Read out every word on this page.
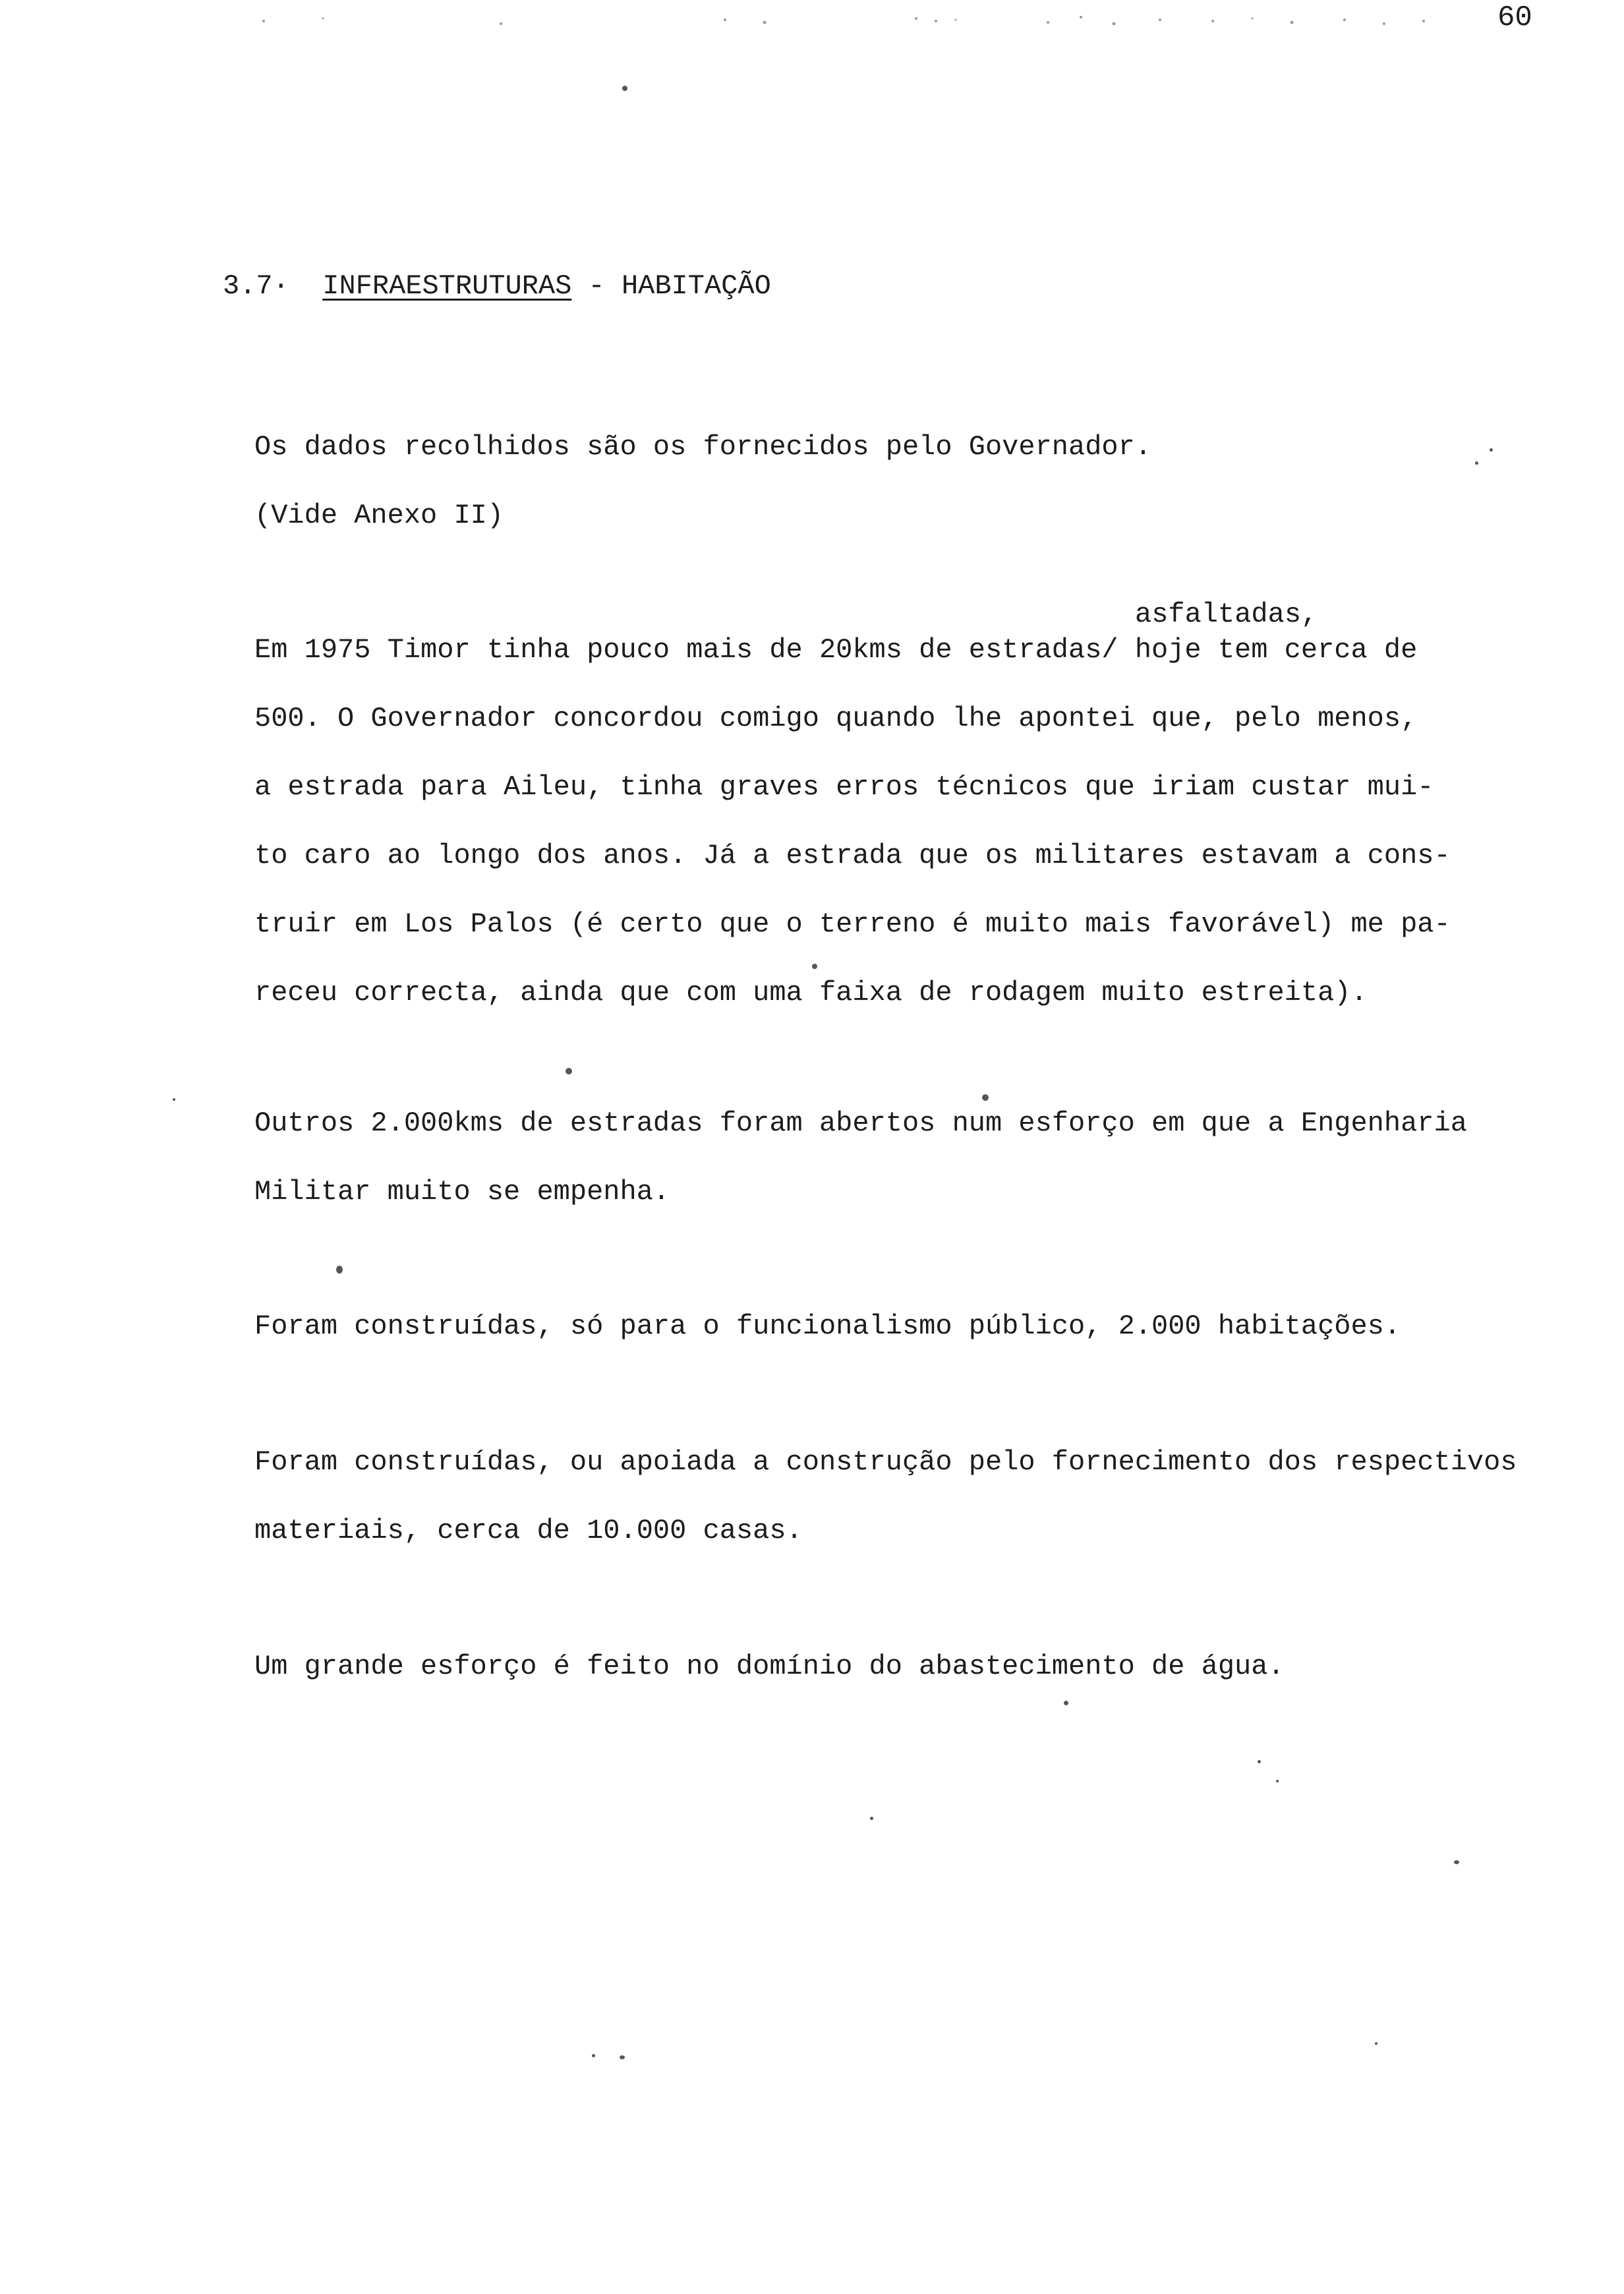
60
3.7· INFRAESTRUTURAS - HABITAÇÃO
asfaltadas,
Os dados recolhidos são os fornecidos pelo Governador.
(Vide Anexo II)
Em 1975 Timor tinha pouco mais de 20kms de estradas/ hoje tem cerca de
500. O Governador concordou comigo quando lhe apontei que, pelo menos,
a estrada para Aileu, tinha graves erros técnicos que iriam custar mui-
to caro ao longo dos anos. Já a estrada que os militares estavam a cons-
truir em Los Palos (é certo que o terreno é muito mais favorável) me pa-
receu correcta, ainda que com uma faixa de rodagem muito estreita).
Outros 2.000kms de estradas foram abertos num esforço em que a Engenharia
Militar muito se empenha.
Foram construídas, só para o funcionalismo público, 2.000 habitações.
Foram construídas, ou apoiada a construção pelo fornecimento dos respectivos
materiais, cerca de 10.000 casas.
Um grande esforço é feito no domínio do abastecimento de água.
